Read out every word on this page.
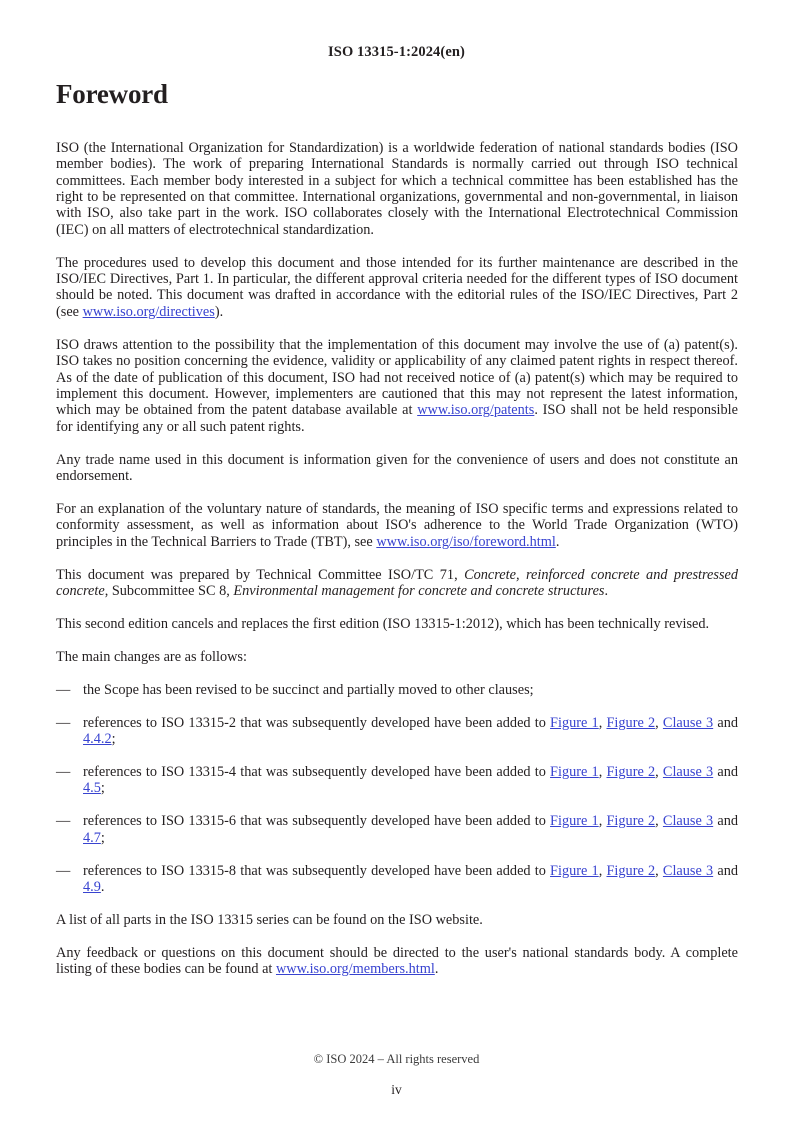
ISO 13315-1:2024(en)
Foreword

ISO (the International Organization for Standardization) is a worldwide federation of national standards bodies (ISO member bodies). The work of preparing International Standards is normally carried out through ISO technical committees. Each member body interested in a subject for which a technical committee has been established has the right to be represented on that committee. International organizations, governmental and non-governmental, in liaison with ISO, also take part in the work. ISO collaborates closely with the International Electrotechnical Commission (IEC) on all matters of electrotechnical standardization.

The procedures used to develop this document and those intended for its further maintenance are described in the ISO/IEC Directives, Part 1. In particular, the different approval criteria needed for the different types of ISO document should be noted. This document was drafted in accordance with the editorial rules of the ISO/IEC Directives, Part 2 (see www.iso.org/directives).

ISO draws attention to the possibility that the implementation of this document may involve the use of (a) patent(s). ISO takes no position concerning the evidence, validity or applicability of any claimed patent rights in respect thereof. As of the date of publication of this document, ISO had not received notice of (a) patent(s) which may be required to implement this document. However, implementers are cautioned that this may not represent the latest information, which may be obtained from the patent database available at www.iso.org/patents. ISO shall not be held responsible for identifying any or all such patent rights.

Any trade name used in this document is information given for the convenience of users and does not constitute an endorsement.

For an explanation of the voluntary nature of standards, the meaning of ISO specific terms and expressions related to conformity assessment, as well as information about ISO's adherence to the World Trade Organization (WTO) principles in the Technical Barriers to Trade (TBT), see www.iso.org/iso/foreword.html.

This document was prepared by Technical Committee ISO/TC 71, Concrete, reinforced concrete and prestressed concrete, Subcommittee SC 8, Environmental management for concrete and concrete structures.

This second edition cancels and replaces the first edition (ISO 13315-1:2012), which has been technically revised.

The main changes are as follows:

— the Scope has been revised to be succinct and partially moved to other clauses;
— references to ISO 13315-2 that was subsequently developed have been added to Figure 1, Figure 2, Clause 3 and 4.4.2;
— references to ISO 13315-4 that was subsequently developed have been added to Figure 1, Figure 2, Clause 3 and 4.5;
— references to ISO 13315-6 that was subsequently developed have been added to Figure 1, Figure 2, Clause 3 and 4.7;
— references to ISO 13315-8 that was subsequently developed have been added to Figure 1, Figure 2, Clause 3 and 4.9.

A list of all parts in the ISO 13315 series can be found on the ISO website.

Any feedback or questions on this document should be directed to the user's national standards body. A complete listing of these bodies can be found at www.iso.org/members.html.

© ISO 2024 – All rights reserved
iv
